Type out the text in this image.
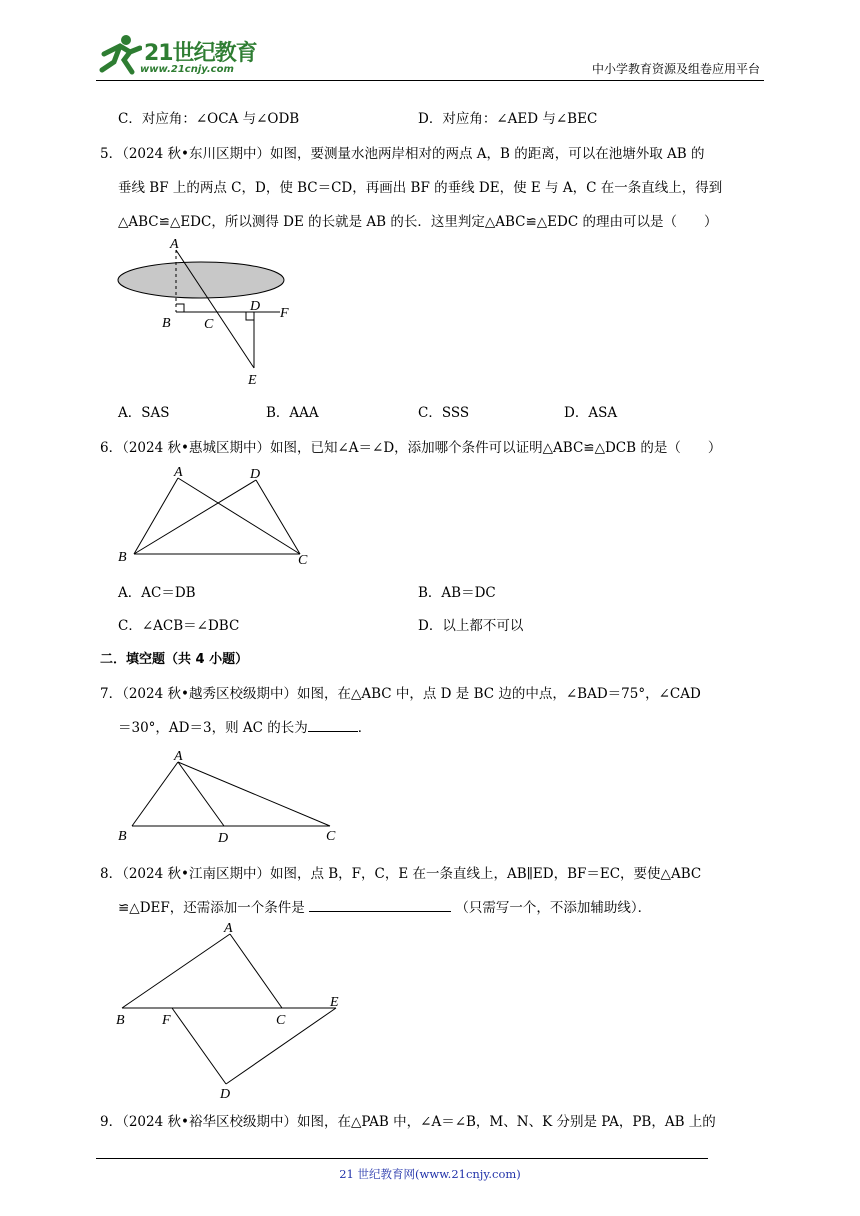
21世纪教育
www.21cnjy.com	中小学教育资源及组卷应用平台
C．对应角：∠OCA 与∠ODB	D．对应角：∠AED 与∠BEC
5．（2024 秋•东川区期中）如图，要测量水池两岸相对的两点 A，B 的距离，可以在池塘外取 AB 的
垂线 BF 上的两点 C，D，使 BC＝CD，再画出 BF 的垂线 DE，使 E 与 A，C 在一条直线上，得到
△ABC≌△EDC，所以测得 DE 的长就是 AB 的长．这里判定△ABC≌△EDC 的理由可以是（　　）
A
B C
D
E
F
A．SAS	B．AAA	C．SSS	D．ASA
6．（2024 秋•惠城区期中）如图，已知∠A＝∠D，添加哪个条件可以证明△ABC≌△DCB 的是（　　）
A	D
B	C
A．AC＝DB	B．AB＝DC
C．∠ACB＝∠DBC	D．以上都不可以
二．填空题（共 4 小题）
7．（2024 秋•越秀区校级期中）如图，在△ABC 中，点 D 是 BC 边的中点，∠BAD＝75°，∠CAD
＝30°，AD＝3，则 AC 的长为	．
A
B	D	C
8．（2024 秋•江南区期中）如图，点 B，F，C，E 在一条直线上，AB∥ED，BF＝EC，要使△ABC
≌△DEF，还需添加一个条件是	（只需写一个，不添加辅助线）．
A
B	F	C
E
D
9．（2024 秋•裕华区校级期中）如图，在△PAB 中，∠A＝∠B，M、N、K 分别是 PA，PB，AB 上的
21 世纪教育网(www.21cnjy.com)
